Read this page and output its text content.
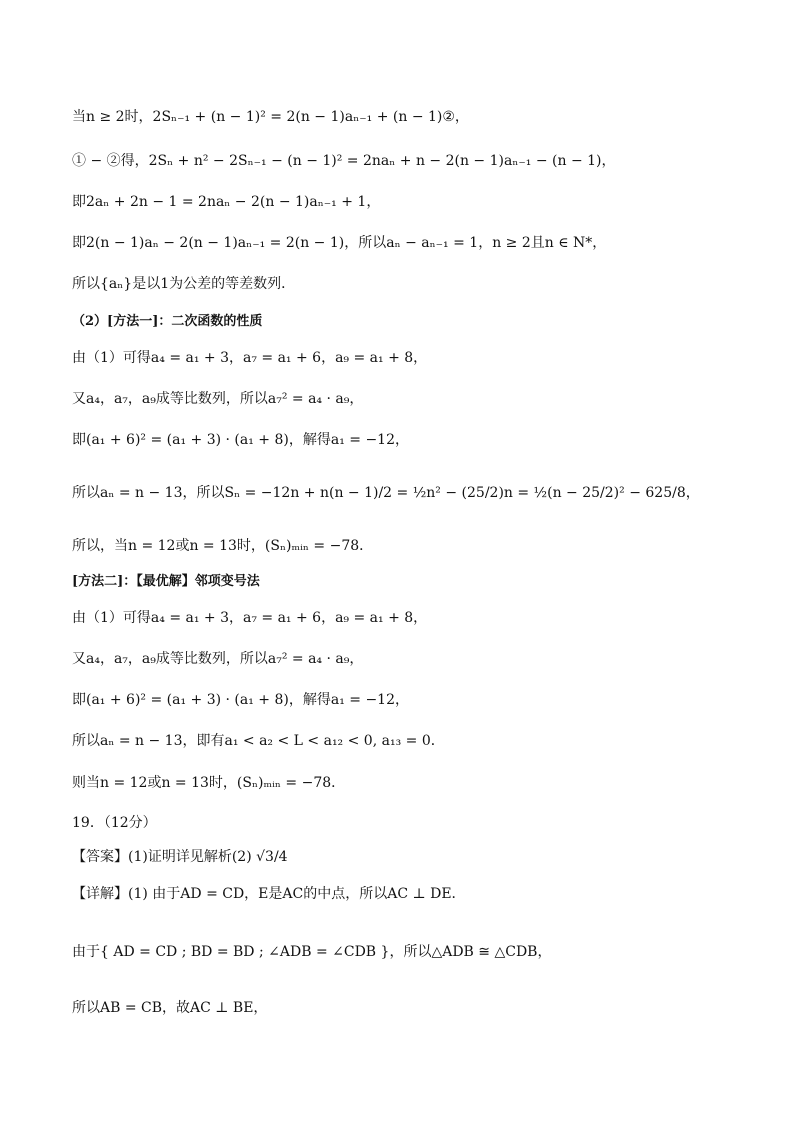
当n ≥ 2时，2Sₙ₋₁ + (n − 1)² = 2(n − 1)aₙ₋₁ + (n − 1)②，
① − ②得，2Sₙ + n² − 2Sₙ₋₁ − (n − 1)² = 2naₙ + n − 2(n − 1)aₙ₋₁ − (n − 1)，
即2aₙ + 2n − 1 = 2naₙ − 2(n − 1)aₙ₋₁ + 1，
即2(n − 1)aₙ − 2(n − 1)aₙ₋₁ = 2(n − 1)，所以aₙ − aₙ₋₁ = 1，n ≥ 2且n ∈ N*，
所以{aₙ}是以1为公差的等差数列．
（2）[方法一]：二次函数的性质
由（1）可得a₄ = a₁ + 3，a₇ = a₁ + 6，a₉ = a₁ + 8，
又a₄，a₇，a₉成等比数列，所以a₇² = a₄ · a₉，
即(a₁ + 6)² = (a₁ + 3) · (a₁ + 8)，解得a₁ = −12，
所以aₙ = n − 13，所以Sₙ = −12n + n(n − 1)/2 = ½n² − (25/2)n = ½(n − 25/2)² − 625/8，
所以，当n = 12或n = 13时，(Sₙ)ₘᵢₙ = −78．
[方法二]：【最优解】邻项变号法
由（1）可得a₄ = a₁ + 3，a₇ = a₁ + 6，a₉ = a₁ + 8，
又a₄，a₇，a₉成等比数列，所以a₇² = a₄ · a₉，
即(a₁ + 6)² = (a₁ + 3) · (a₁ + 8)，解得a₁ = −12，
所以aₙ = n − 13，即有a₁ < a₂ < L < a₁₂ < 0, a₁₃ = 0．
则当n = 12或n = 13时，(Sₙ)ₘᵢₙ = −78．
19．（12分）
【答案】(1)证明详见解析(2) √3/4
【详解】(1) 由于AD = CD，E是AC的中点，所以AC ⊥ DE．
由于{ AD = CD ; BD = BD ; ∠ADB = ∠CDB }，所以△ADB ≅ △CDB，
所以AB = CB，故AC ⊥ BE，
